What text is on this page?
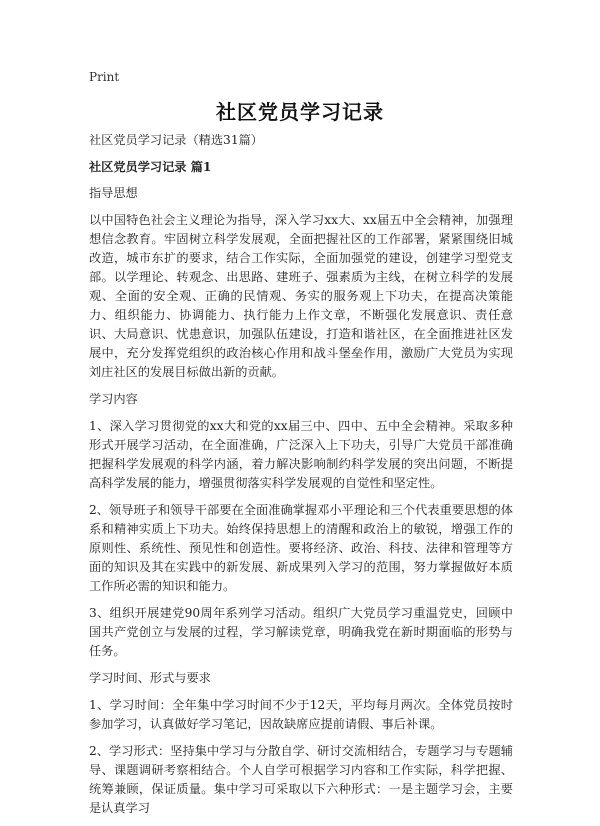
Print
社区党员学习记录

社区党员学习记录（精选31篇）

社区党员学习记录 篇1

指导思想

以中国特色社会主义理论为指导，深入学习xx大、xx届五中全会精神，加强理想信念教育。牢固树立科学发展观，全面把握社区的工作部署，紧紧围绕旧城改造，城市东扩的要求，结合工作实际，全面加强党的建设，创建学习型党支部。以学理论、转观念、出思路、建班子、强素质为主线，在树立科学的发展观、全面的安全观、正确的民情观、务实的服务观上下功夫，在提高决策能力、组织能力、协调能力、执行能力上作文章，不断强化发展意识、责任意识、大局意识、忧患意识，加强队伍建设，打造和谐社区，在全面推进社区发展中，充分发挥党组织的政治核心作用和战斗堡垒作用，激励广大党员为实现刘庄社区的发展目标做出新的贡献。

学习内容

1、深入学习贯彻党的xx大和党的xx届三中、四中、五中全会精神。采取多种形式开展学习活动，在全面准确，广泛深入上下功夫，引导广大党员干部准确把握科学发展观的科学内涵，着力解决影响制约科学发展的突出问题，不断提高科学发展的能力，增强贯彻落实科学发展观的自觉性和坚定性。

2、领导班子和领导干部要在全面准确掌握邓小平理论和三个代表重要思想的体系和精神实质上下功夫。始终保持思想上的清醒和政治上的敏锐，增强工作的原则性、系统性、预见性和创造性。要将经济、政治、科技、法律和管理等方面的知识及其在实践中的新发展、新成果列入学习的范围，努力掌握做好本质工作所必需的知识和能力。

3、组织开展建党90周年系列学习活动。组织广大党员学习重温党史，回顾中国共产党创立与发展的过程，学习解读党章，明确我党在新时期面临的形势与任务。

学习时间、形式与要求

1、学习时间：全年集中学习时间不少于12天，平均每月两次。全体党员按时参加学习，认真做好学习笔记，因故缺席应提前请假、事后补课。

2、学习形式：坚持集中学习与分散自学、研讨交流相结合，专题学习与专题辅导、课题调研考察相结合。个人自学可根据学习内容和工作实际，科学把握、统筹兼顾，保证质量。集中学习可采取以下六种形式：一是主题学习会，主要是认真学习
